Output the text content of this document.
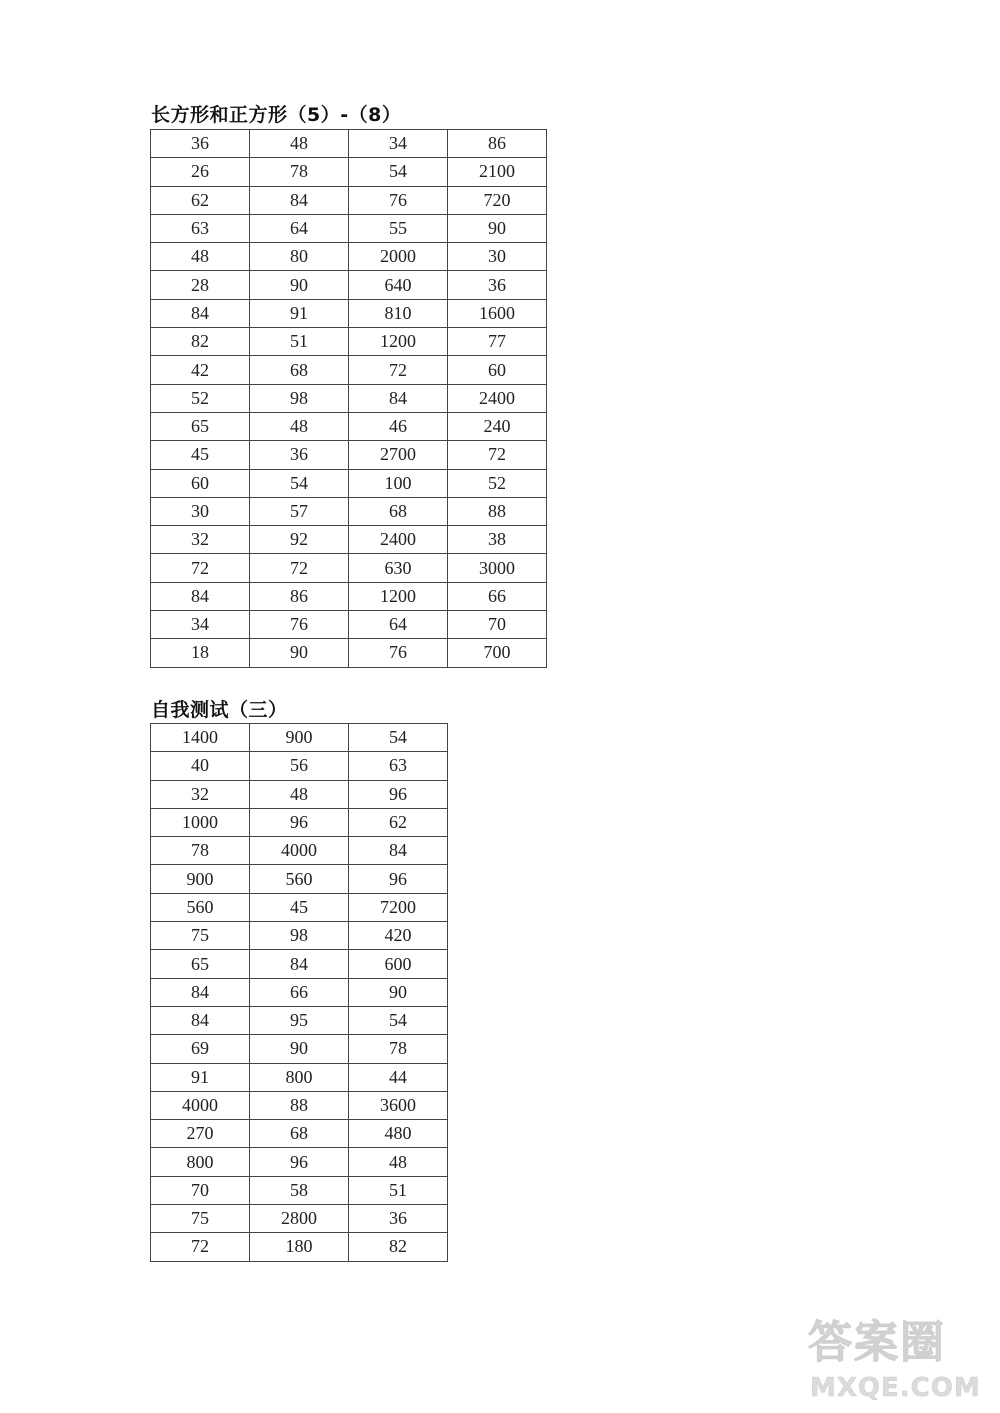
长方形和正方形（5）-（8）
36	48	34	86
26	78	54	2100
62	84	76	720
63	64	55	90
48	80	2000	30
28	90	640	36
84	91	810	1600
82	51	1200	77
42	68	72	60
52	98	84	2400
65	48	46	240
45	36	2700	72
60	54	100	52
30	57	68	88
32	92	2400	38
72	72	630	3000
84	86	1200	66
34	76	64	70
18	90	76	700
自我测试（三）
1400	900	54
40	56	63
32	48	96
1000	96	62
78	4000	84
900	560	96
560	45	7200
75	98	420
65	84	600
84	66	90
84	95	54
69	90	78
91	800	44
4000	88	3600
270	68	480
800	96	48
70	58	51
75	2800	36
72	180	82
答案圈
MXQE.COM
